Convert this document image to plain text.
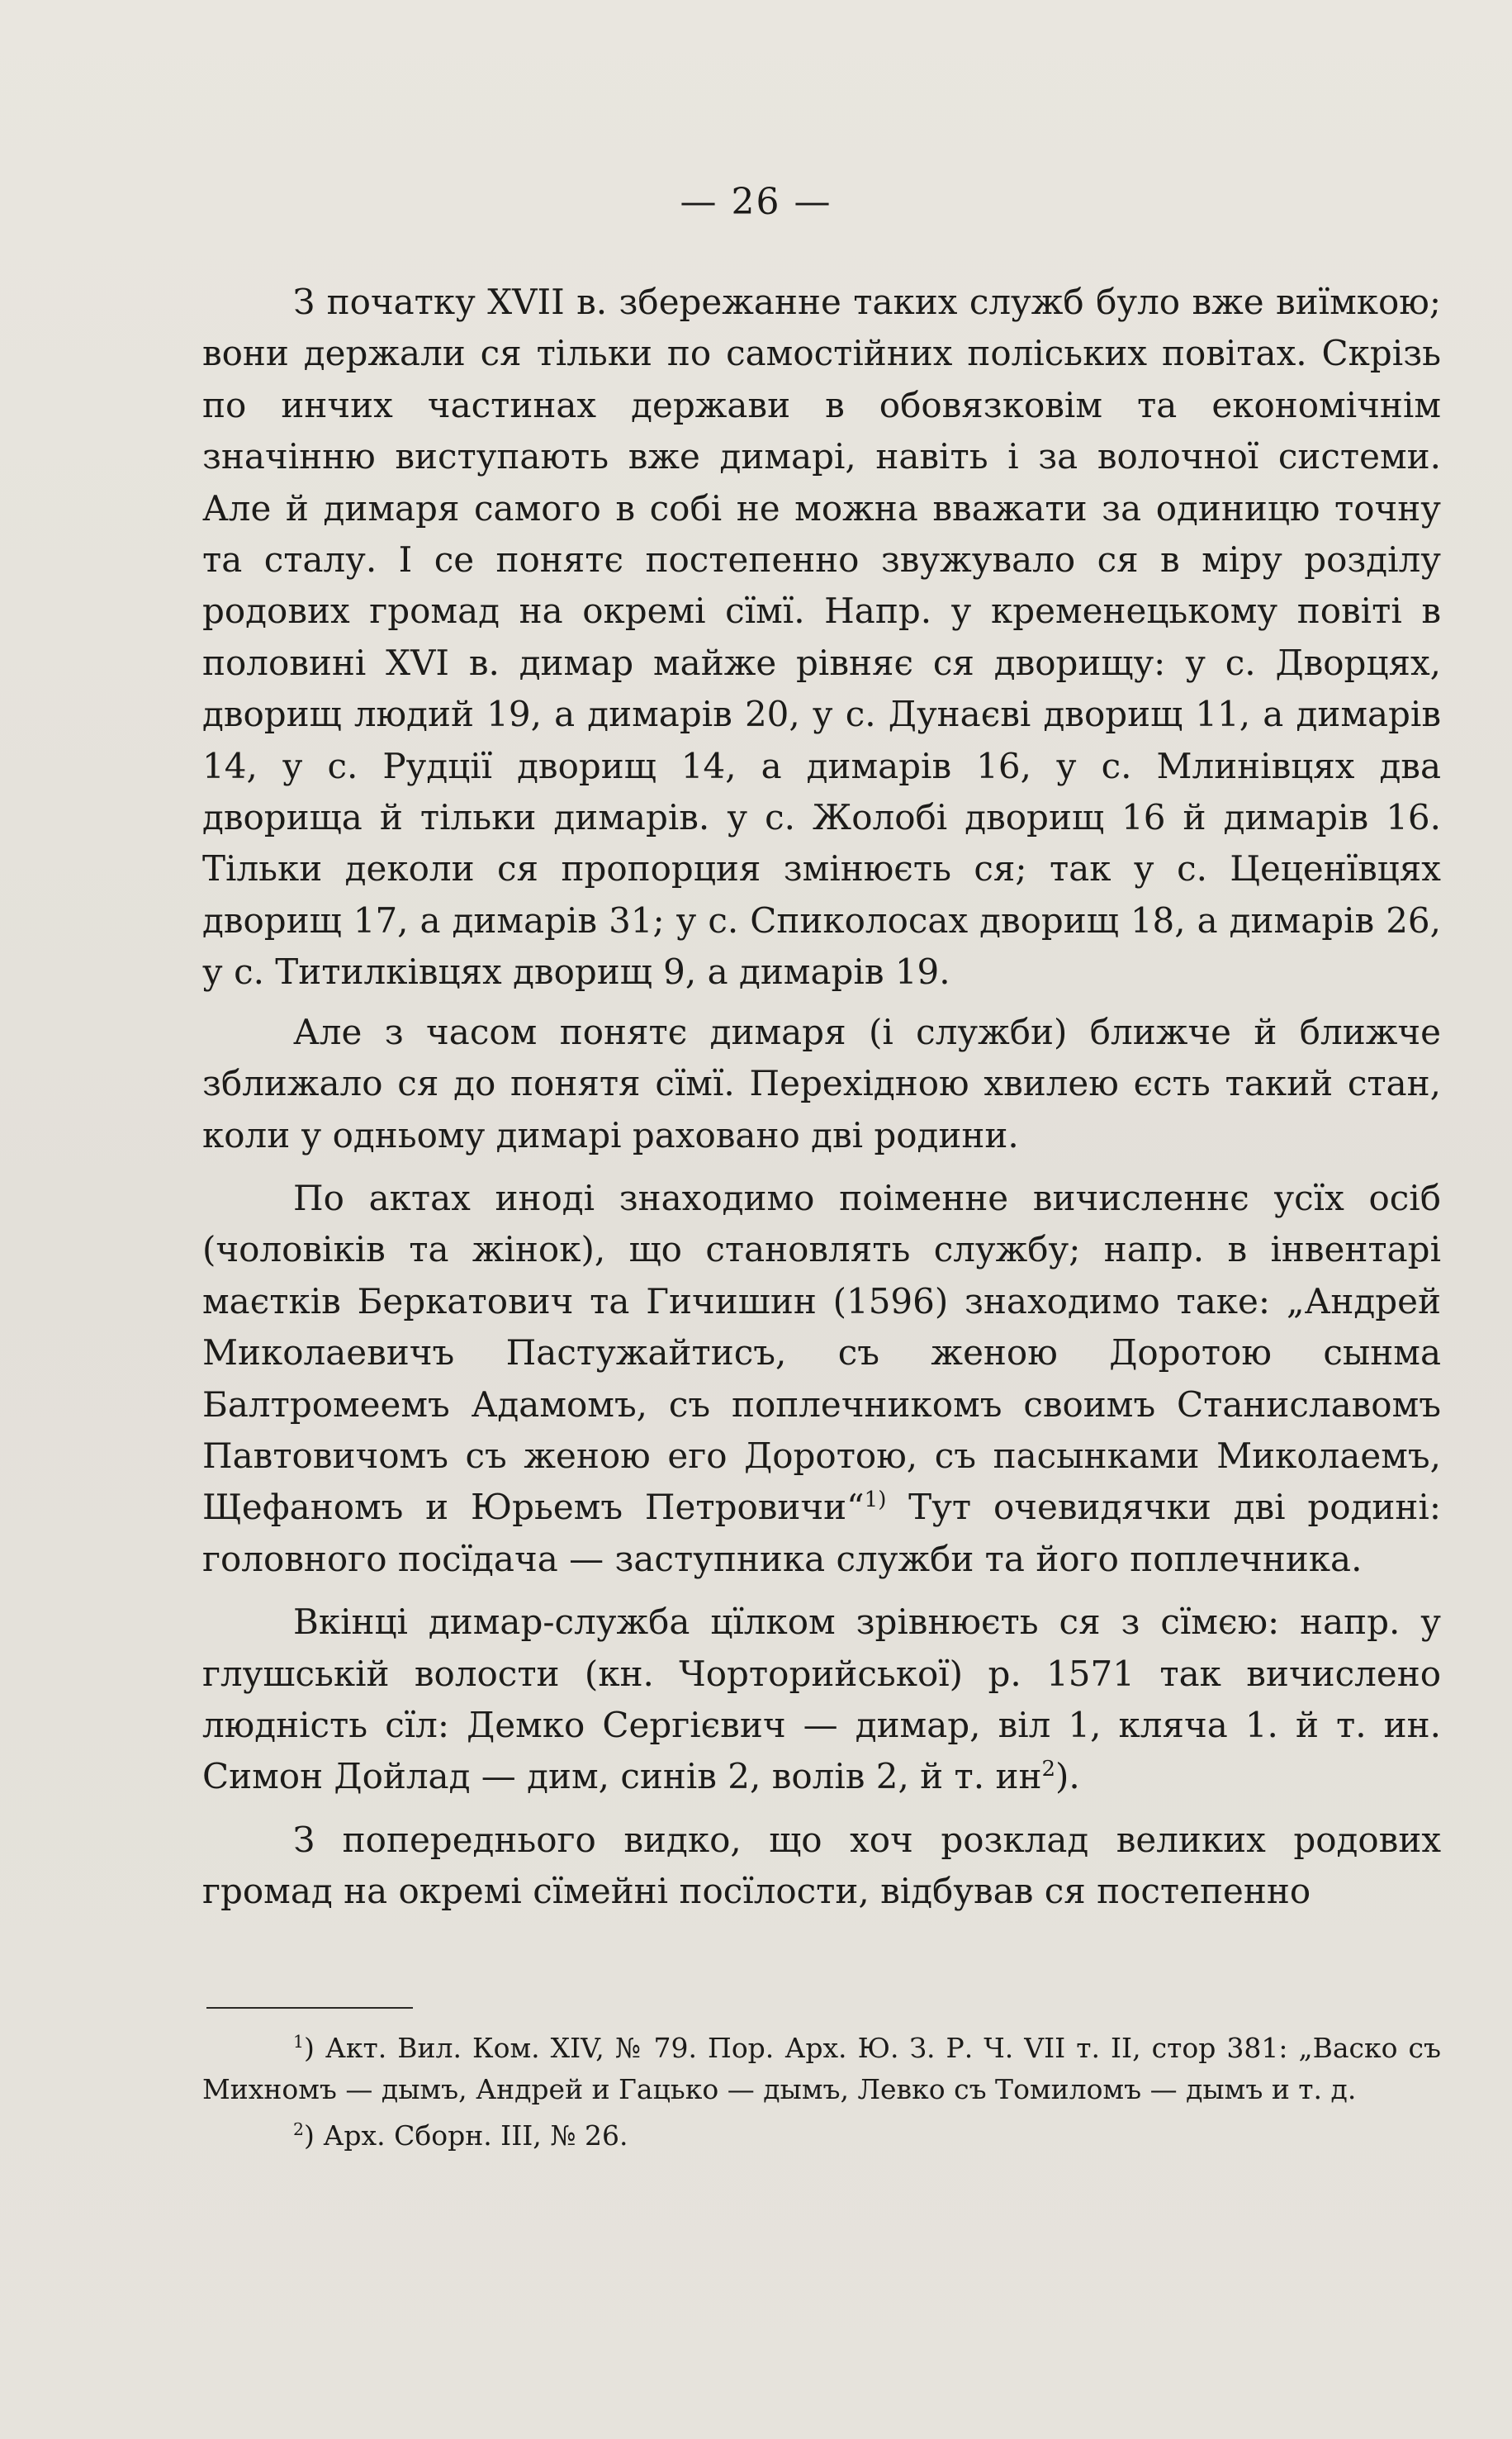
— 26 —

З початку XVII в. збережанне таких служб було вже виїмкою; вони держали ся тільки по самостійних поліських повітах. Скрізь по инчих частинах держави в обовязковім та економічнім значінню виступають вже димарі, навіть і за волочної системи. Але й димаря самого в собі не можна вважати за одиницю точну та сталу. І се понятє постепенно звужувало ся в міру розділу родових громад на окремі сїмї. Напр. у кременецькому повіті в половині XVI в. димар майже рівняє ся дворищу: у с. Дворцях, дворищ людий 19, а димарів 20, у с. Дунаєві дворищ 11, а димарів 14, у с. Рудції дворищ 14, а димарів 16, у с. Млинівцях два дворища й тільки димарів. у с. Жолобі дворищ 16 й димарів 16. Тільки деколи ся пропорция змінюєть ся; так у с. Цеценївцях дворищ 17, а димарів 31; у с. Спиколосах дворищ 18, а димарів 26, у с. Титилківцях дворищ 9, а димарів 19.

Але з часом понятє димаря (і служби) ближче й ближче зближало ся до понятя сїмї. Перехідною хвилею єсть такий стан, коли у одньому димарі раховано дві родини.

По актах иноді знаходимо поіменне вичисленнє усїх осіб (чоловіків та жінок), що становлять службу; напр. в інвентарі маєтків Беркатович та Гичишин (1596) знаходимо таке: „Андрей Миколаевичъ Пастужайтисъ, съ женою Доротою сынма Балтромеемъ Адамомъ, съ поплечникомъ своимъ Станиславомъ Павтовичомъ съ женою его Доротою, съ пасынками Миколаемъ, Щефаномъ и Юрьемъ Петровичи“$^{1)}$ Тут очевидячки дві родині: головного посїдача — заступника служби та його поплечника.

Вкінці димар-служба цїлком зрівнюєть ся з сїмєю: напр. у глушській волости (кн. Чорторийської) р. 1571 так вичислено людність сїл: Демко Сергієвич — димар, віл 1, кляча 1. й т. ин. Симон Дойлад — дим, синів 2, волів 2, й т. $ин^2$).

З попереднього видко, що хоч розклад великих родових громад на окремі сїмейні посїлости, відбував ся постепенно

$^1$) Акт. Вил. Ком. XIV, № 79. Пор. Арх. Ю. З. Р. Ч. VII т. II, стор 381: „Васко съ Михномъ — дымъ, Андрей и Гацько — дымъ, Левко съ Томиломъ — дымъ и т. д.

$^2$) Арх. Сборн. III, № 26.
